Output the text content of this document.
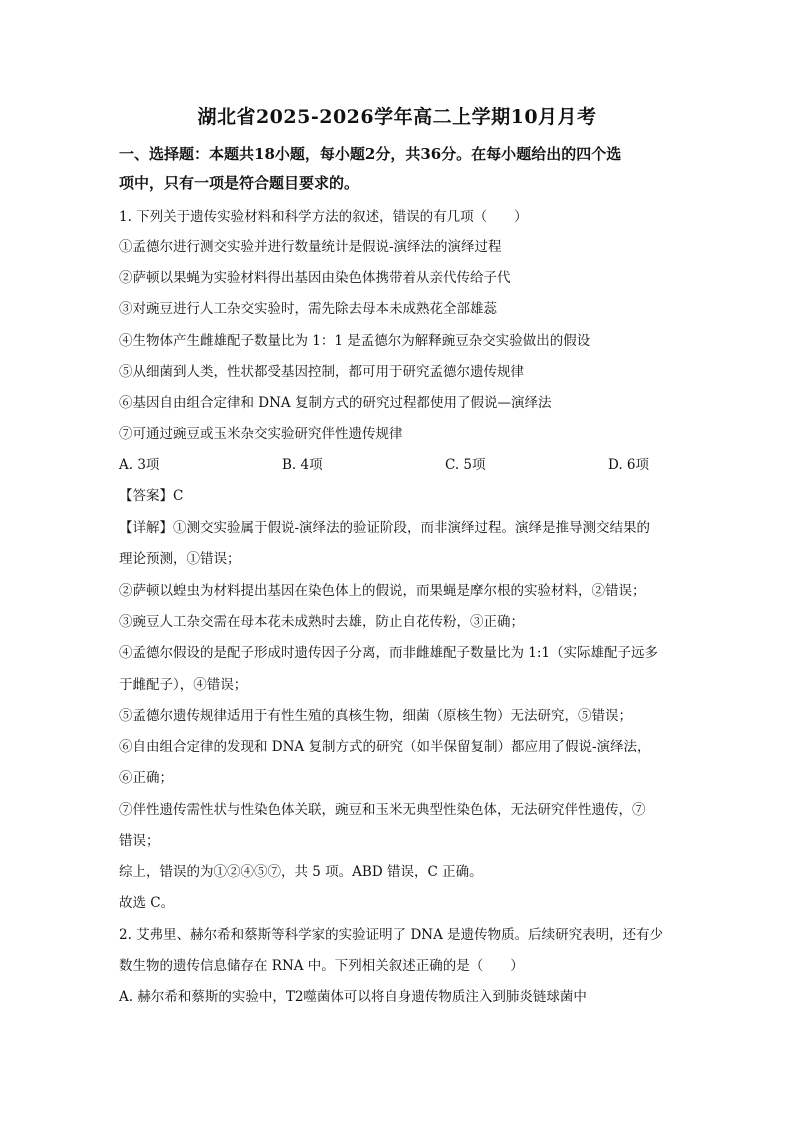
湖北省2025-2026学年高二上学期10月月考
一、选择题：本题共18小题，每小题2分，共36分。在每小题给出的四个选
项中，只有一项是符合题目要求的。
1. 下列关于遗传实验材料和科学方法的叙述，错误的有几项（　　）
①孟德尔进行测交实验并进行数量统计是假说-演绎法的演绎过程
②萨顿以果蝇为实验材料得出基因由染色体携带着从亲代传给子代
③对豌豆进行人工杂交实验时，需先除去母本未成熟花全部雄蕊
④生物体产生雌雄配子数量比为 1：1 是孟德尔为解释豌豆杂交实验做出的假设
⑤从细菌到人类，性状都受基因控制，都可用于研究孟德尔遗传规律
⑥基因自由组合定律和 DNA 复制方式的研究过程都使用了假说—演绎法
⑦可通过豌豆或玉米杂交实验研究伴性遗传规律
A. 3项	B. 4项	C. 5项	D. 6项
【答案】C
【详解】①测交实验属于假说-演绎法的验证阶段，而非演绎过程。演绎是推导测交结果的
理论预测，①错误；
②萨顿以蝗虫为材料提出基因在染色体上的假说，而果蝇是摩尔根的实验材料，②错误；
③豌豆人工杂交需在母本花未成熟时去雄，防止自花传粉，③正确；
④孟德尔假设的是配子形成时遗传因子分离，而非雌雄配子数量比为 1:1（实际雄配子远多
于雌配子），④错误；
⑤孟德尔遗传规律适用于有性生殖的真核生物，细菌（原核生物）无法研究，⑤错误；
⑥自由组合定律的发现和 DNA 复制方式的研究（如半保留复制）都应用了假说-演绎法，
⑥正确；
⑦伴性遗传需性状与性染色体关联，豌豆和玉米无典型性染色体，无法研究伴性遗传，⑦
错误；
综上，错误的为①②④⑤⑦，共 5 项。ABD 错误，C 正确。
故选 C。
2. 艾弗里、赫尔希和蔡斯等科学家的实验证明了 DNA 是遗传物质。后续研究表明，还有少
数生物的遗传信息储存在 RNA 中。下列相关叙述正确的是（　　）
A. 赫尔希和蔡斯的实验中，T2噬菌体可以将自身遗传物质注入到肺炎链球菌中
